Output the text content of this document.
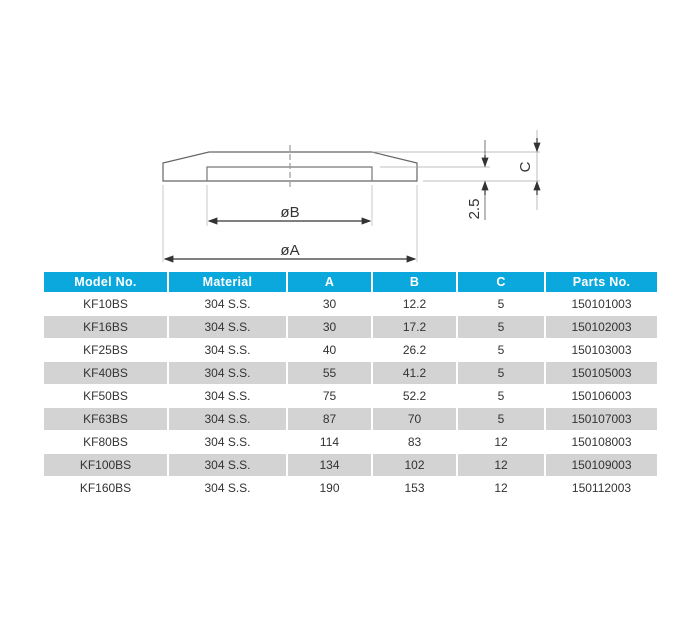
øB
øA
2.5
C
Model No.	Material	A	B	C	Parts No.
KF10BS	304 S.S.	30	12.2	5	150101003
KF16BS	304 S.S.	30	17.2	5	150102003
KF25BS	304 S.S.	40	26.2	5	150103003
KF40BS	304 S.S.	55	41.2	5	150105003
KF50BS	304 S.S.	75	52.2	5	150106003
KF63BS	304 S.S.	87	70	5	150107003
KF80BS	304 S.S.	114	83	12	150108003
KF100BS	304 S.S.	134	102	12	150109003
KF160BS	304 S.S.	190	153	12	150112003
